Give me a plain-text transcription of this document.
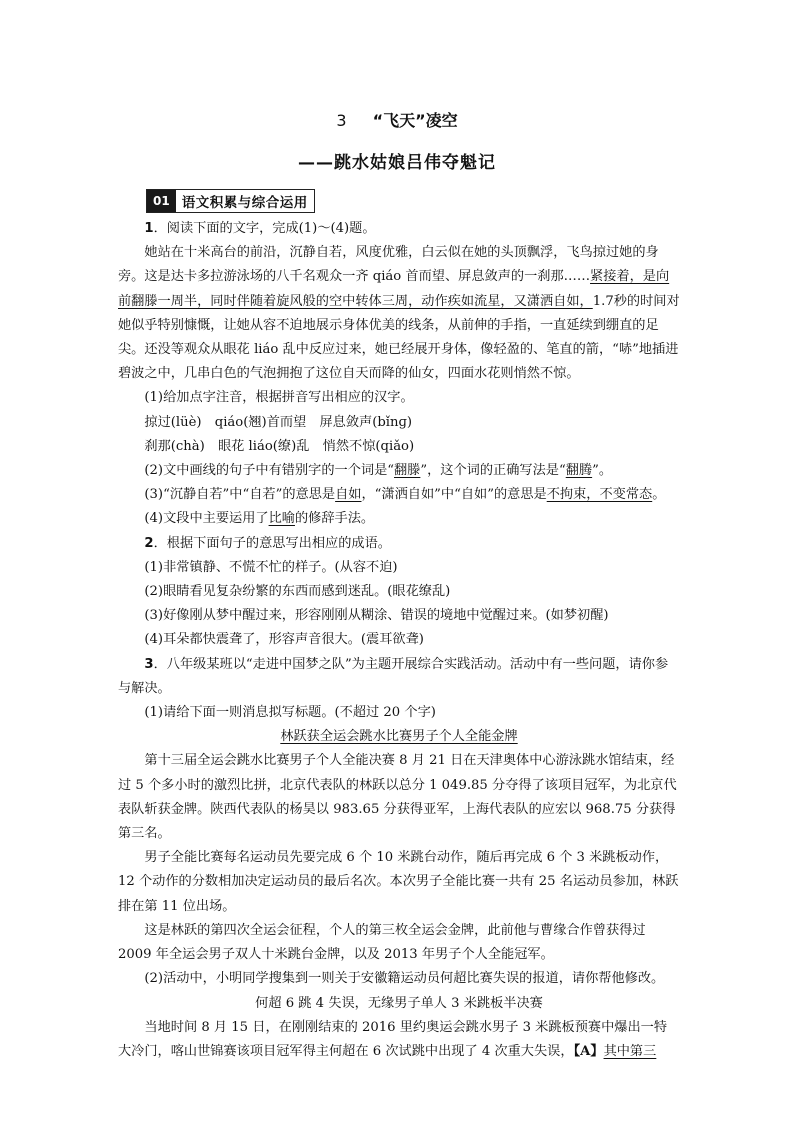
3 “飞天”凌空
——跳水姑娘吕伟夺魁记
01 语文积累与综合运用

1．阅读下面的文字，完成(1)～(4)题。

她站在十米高台的前沿，沉静自若，风度优雅，白云似在她的头顶飘浮，飞鸟掠过她的身旁。这是达卡多拉游泳场的八千名观众一齐 qiáo 首而望、屏息敛声的一刹那……紧接着，是向前翻滕一周半，同时伴随着旋风般的空中转体三周，动作疾如流星，又潇洒自如，1.7秒的时间对她似乎特别慷慨，让她从容不迫地展示身体优美的线条，从前伸的手指，一直延续到绷直的足尖。还没等观众从眼花 liáo 乱中反应过来，她已经展开身体，像轻盈的、笔直的箭，“哧”地插进碧波之中，几串白色的气泡拥抱了这位自天而降的仙女，四面水花则悄然不惊。

(1)给加点字注音，根据拼音写出相应的汉字。

掠过(lüè)　qiáo(翘)首而望　屏息敛声(bǐnɡ)

刹那(chà)　眼花 liáo(缭)乱　悄然不惊(qiǎo)

(2)文中画线的句子中有错别字的一个词是“翻滕”，这个词的正确写法是“翻腾”。

(3)“沉静自若”中“自若”的意思是自如，“潇洒自如”中“自如”的意思是不拘束，不变常态。

(4)文段中主要运用了比喻的修辞手法。

2．根据下面句子的意思写出相应的成语。

(1)非常镇静、不慌不忙的样子。(从容不迫)

(2)眼睛看见复杂纷繁的东西而感到迷乱。(眼花缭乱)

(3)好像刚从梦中醒过来，形容刚刚从糊涂、错误的境地中觉醒过来。(如梦初醒)

(4)耳朵都快震聋了，形容声音很大。(震耳欲聋)

3．八年级某班以“走进中国梦之队”为主题开展综合实践活动。活动中有一些问题，请你参与解决。

(1)请给下面一则消息拟写标题。(不超过 20 个字)

林跃获全运会跳水比赛男子个人全能金牌

第十三届全运会跳水比赛男子个人全能决赛 8 月 21 日在天津奥体中心游泳跳水馆结束，经过 5 个多小时的激烈比拼，北京代表队的林跃以总分 1 049.85 分夺得了该项目冠军，为北京代表队斩获金牌。陕西代表队的杨昊以 983.65 分获得亚军，上海代表队的应宏以 968.75 分获得第三名。

男子全能比赛每名运动员先要完成 6 个 10 米跳台动作，随后再完成 6 个 3 米跳板动作，12 个动作的分数相加决定运动员的最后名次。本次男子全能比赛一共有 25 名运动员参加，林跃排在第 11 位出场。

这是林跃的第四次全运会征程，个人的第三枚全运会金牌，此前他与曹缘合作曾获得过 2009 年全运会男子双人十米跳台金牌，以及 2013 年男子个人全能冠军。

(2)活动中，小明同学搜集到一则关于安徽籍运动员何超比赛失误的报道，请你帮他修改。

何超 6 跳 4 失误，无缘男子单人 3 米跳板半决赛

当地时间 8 月 15 日，在刚刚结束的 2016 里约奥运会跳水男子 3 米跳板预赛中爆出一特大冷门，喀山世锦赛该项目冠军得主何超在 6 次试跳中出现了 4 次重大失误，【A】其中第三
